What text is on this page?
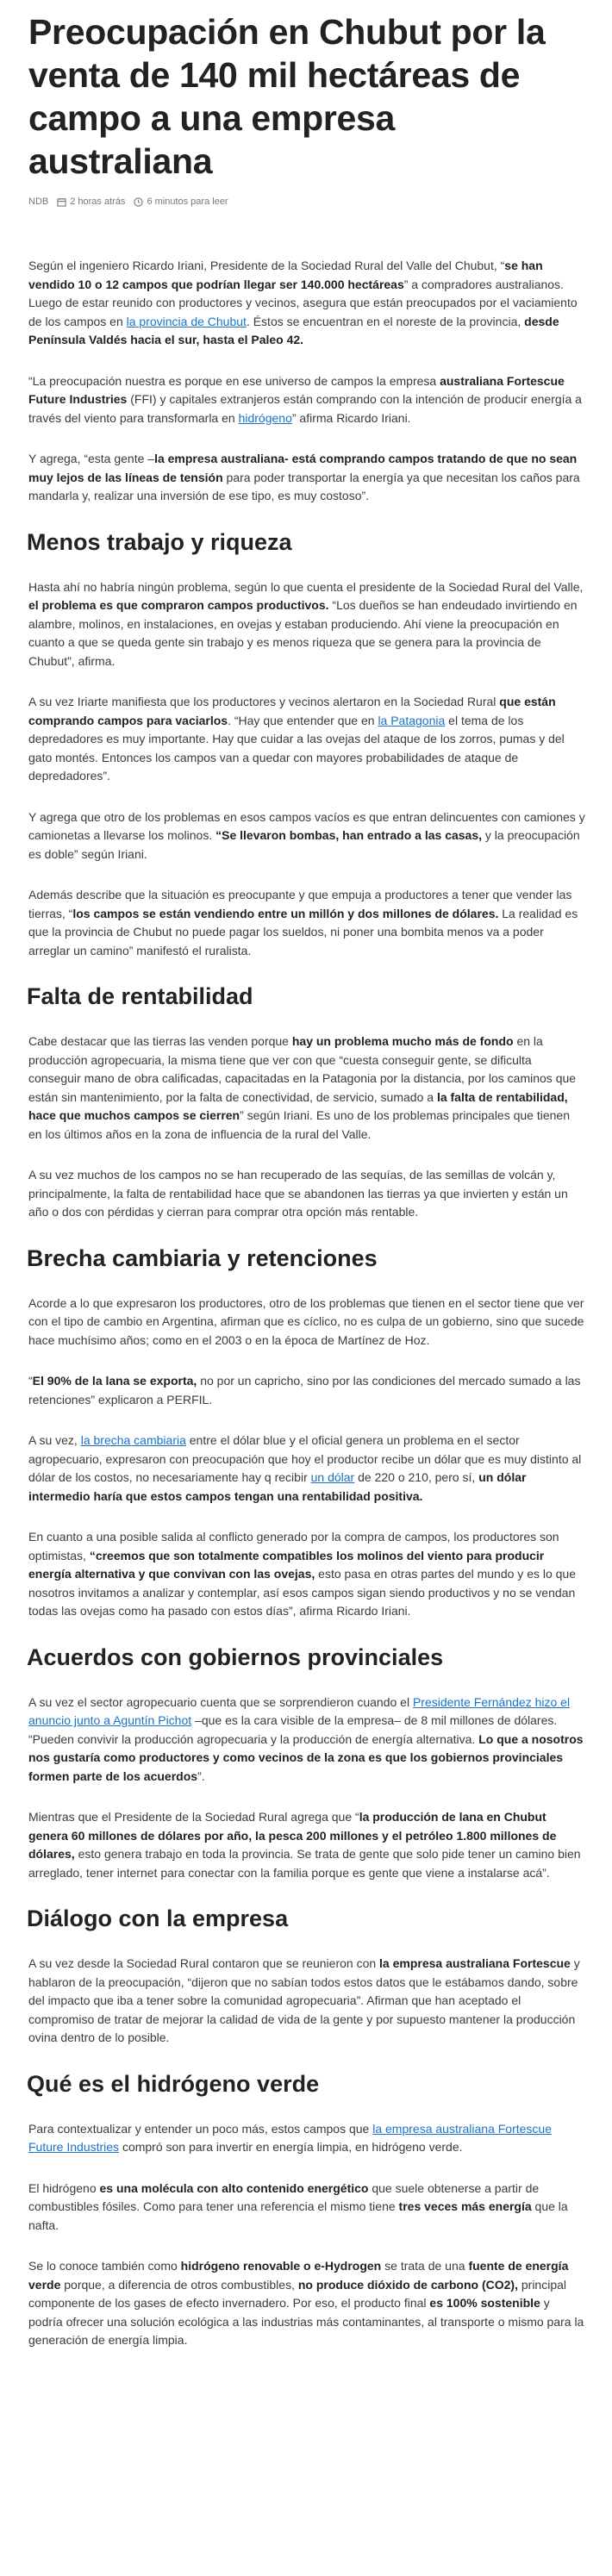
Preocupación en Chubut por la venta de 140 mil hectáreas de campo a una empresa australiana
NDB 2 horas atrás 6 minutos para leer

Según el ingeniero Ricardo Iriani, Presidente de la Sociedad Rural del Valle del Chubut, “se han vendido 10 o 12 campos que podrían llegar ser 140.000 hectáreas” a compradores australianos. Luego de estar reunido con productores y vecinos, asegura que están preocupados por el vaciamiento de los campos en la provincia de Chubut. Éstos se encuentran en el noreste de la provincia, desde Península Valdés hacia el sur, hasta el Paleo 42.

“La preocupación nuestra es porque en ese universo de campos la empresa australiana Fortescue Future Industries (FFI) y capitales extranjeros están comprando con la intención de producir energía a través del viento para transformarla en hidrógeno” afirma Ricardo Iriani.

Y agrega, “esta gente –la empresa australiana- está comprando campos tratando de que no sean muy lejos de las líneas de tensión para poder transportar la energía ya que necesitan los caños para mandarla y, realizar una inversión de ese tipo, es muy costoso”.

Menos trabajo y riqueza

Hasta ahí no habría ningún problema, según lo que cuenta el presidente de la Sociedad Rural del Valle, el problema es que compraron campos productivos. “Los dueños se han endeudado invirtiendo en alambre, molinos, en instalaciones, en ovejas y estaban produciendo. Ahí viene la preocupación en cuanto a que se queda gente sin trabajo y es menos riqueza que se genera para la provincia de Chubut”, afirma.

A su vez Iriarte manifiesta que los productores y vecinos alertaron en la Sociedad Rural que están comprando campos para vaciarlos. “Hay que entender que en la Patagonia el tema de los depredadores es muy importante. Hay que cuidar a las ovejas del ataque de los zorros, pumas y del gato montés. Entonces los campos van a quedar con mayores probabilidades de ataque de depredadores”.

Y agrega que otro de los problemas en esos campos vacíos es que entran delincuentes con camiones y camionetas a llevarse los molinos. “Se llevaron bombas, han entrado a las casas, y la preocupación es doble” según Iriani.

Además describe que la situación es preocupante y que empuja a productores a tener que vender las tierras, “los campos se están vendiendo entre un millón y dos millones de dólares. La realidad es que la provincia de Chubut no puede pagar los sueldos, ni poner una bombita menos va a poder arreglar un camino” manifestó el ruralista.

Falta de rentabilidad

Cabe destacar que las tierras las venden porque hay un problema mucho más de fondo en la producción agropecuaria, la misma tiene que ver con que “cuesta conseguir gente, se dificulta conseguir mano de obra calificadas, capacitadas en la Patagonia por la distancia, por los caminos que están sin mantenimiento, por la falta de conectividad, de servicio, sumado a la falta de rentabilidad, hace que muchos campos se cierren” según Iriani. Es uno de los problemas principales que tienen en los últimos años en la zona de influencia de la rural del Valle.

A su vez muchos de los campos no se han recuperado de las sequías, de las semillas de volcán y, principalmente, la falta de rentabilidad hace que se abandonen las tierras ya que invierten y están un año o dos con pérdidas y cierran para comprar otra opción más rentable.

Brecha cambiaria y retenciones

Acorde a lo que expresaron los productores, otro de los problemas que tienen en el sector tiene que ver con el tipo de cambio en Argentina, afirman que es cíclico, no es culpa de un gobierno, sino que sucede hace muchísimo años; como en el 2003 o en la época de Martínez de Hoz.

“El 90% de la lana se exporta, no por un capricho, sino por las condiciones del mercado sumado a las retenciones” explicaron a PERFIL.

A su vez, la brecha cambiaria entre el dólar blue y el oficial genera un problema en el sector agropecuario, expresaron con preocupación que hoy el productor recibe un dólar que es muy distinto al dólar de los costos, no necesariamente hay q recibir un dólar de 220 o 210, pero sí, un dólar intermedio haría que estos campos tengan una rentabilidad positiva.

En cuanto a una posible salida al conflicto generado por la compra de campos, los productores son optimistas, “creemos que son totalmente compatibles los molinos del viento para producir energía alternativa y que convivan con las ovejas, esto pasa en otras partes del mundo y es lo que nosotros invitamos a analizar y contemplar, así esos campos sigan siendo productivos y no se vendan todas las ovejas como ha pasado con estos días”, afirma Ricardo Iriani.

Acuerdos con gobiernos provinciales

A su vez el sector agropecuario cuenta que se sorprendieron cuando el Presidente Fernández hizo el anuncio junto a Aguntín Pichot –que es la cara visible de la empresa– de 8 mil millones de dólares. “Pueden convivir la producción agropecuaria y la producción de energía alternativa. Lo que a nosotros nos gustaría como productores y como vecinos de la zona es que los gobiernos provinciales formen parte de los acuerdos”.

Mientras que el Presidente de la Sociedad Rural agrega que “la producción de lana en Chubut genera 60 millones de dólares por año, la pesca 200 millones y el petróleo 1.800 millones de dólares, esto genera trabajo en toda la provincia. Se trata de gente que solo pide tener un camino bien arreglado, tener internet para conectar con la familia porque es gente que viene a instalarse acá”.

Diálogo con la empresa

A su vez desde la Sociedad Rural contaron que se reunieron con la empresa australiana Fortescue y hablaron de la preocupación, “dijeron que no sabían todos estos datos que le estábamos dando, sobre del impacto que iba a tener sobre la comunidad agropecuaria”. Afirman que han aceptado el compromiso de tratar de mejorar la calidad de vida de la gente y por supuesto mantener la producción ovina dentro de lo posible.

Qué es el hidrógeno verde

Para contextualizar y entender un poco más, estos campos que la empresa australiana Fortescue Future Industries compró son para invertir en energía limpia, en hidrógeno verde.

El hidrógeno es una molécula con alto contenido energético que suele obtenerse a partir de combustibles fósiles. Como para tener una referencia el mismo tiene tres veces más energía que la nafta.

Se lo conoce también como hidrógeno renovable o e-Hydrogen se trata de una fuente de energía verde porque, a diferencia de otros combustibles, no produce dióxido de carbono (CO2), principal componente de los gases de efecto invernadero. Por eso, el producto final es 100% sostenible y podría ofrecer una solución ecológica a las industrias más contaminantes, al transporte o mismo para la generación de energía limpia.
